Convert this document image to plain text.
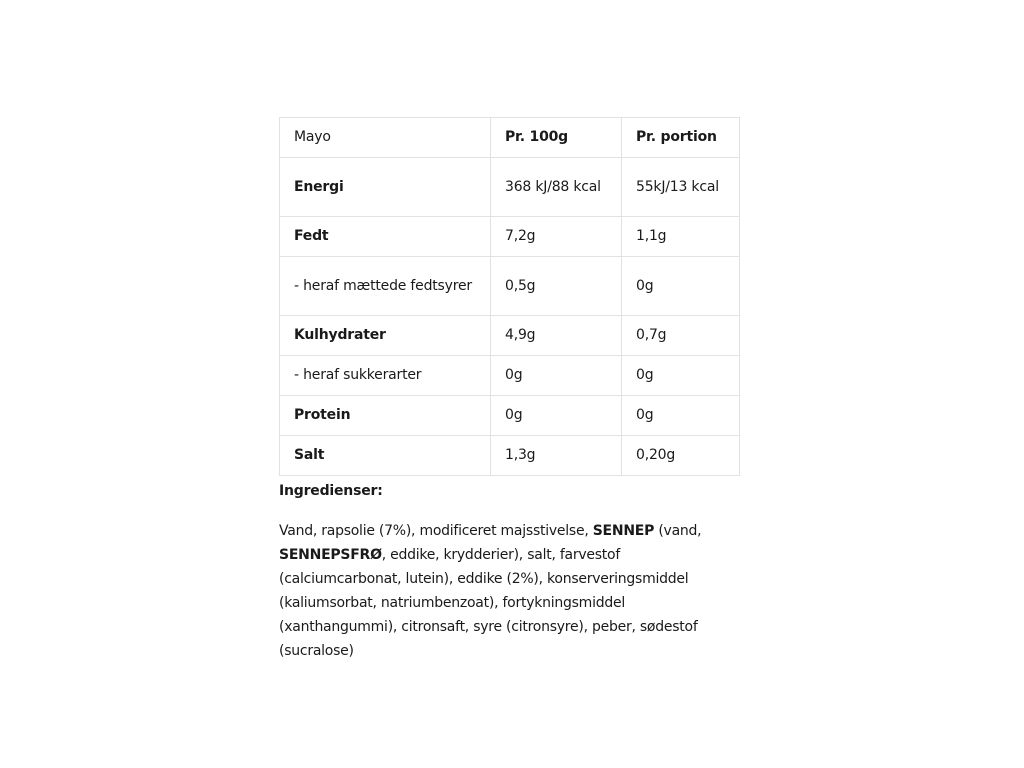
Mayo	Pr. 100g	Pr. portion
Energi	368 kJ/88 kcal	55kJ/13 kcal
Fedt	7,2g	1,1g
- heraf mættede fedtsyrer	0,5g	0g
Kulhydrater	4,9g	0,7g
- heraf sukkerarter	0g	0g
Protein	0g	0g
Salt	1,3g	0,20g
Ingredienser:
Vand, rapsolie (7%), modificeret majsstivelse, SENNEP (vand, SENNEPSFRØ, eddike, krydderier), salt, farvestof (calciumcarbonat, lutein), eddike (2%), konserveringsmiddel (kaliumsorbat, natriumbenzoat), fortykningsmiddel (xanthangummi), citronsaft, syre (citronsyre), peber, sødestof (sucralose)
